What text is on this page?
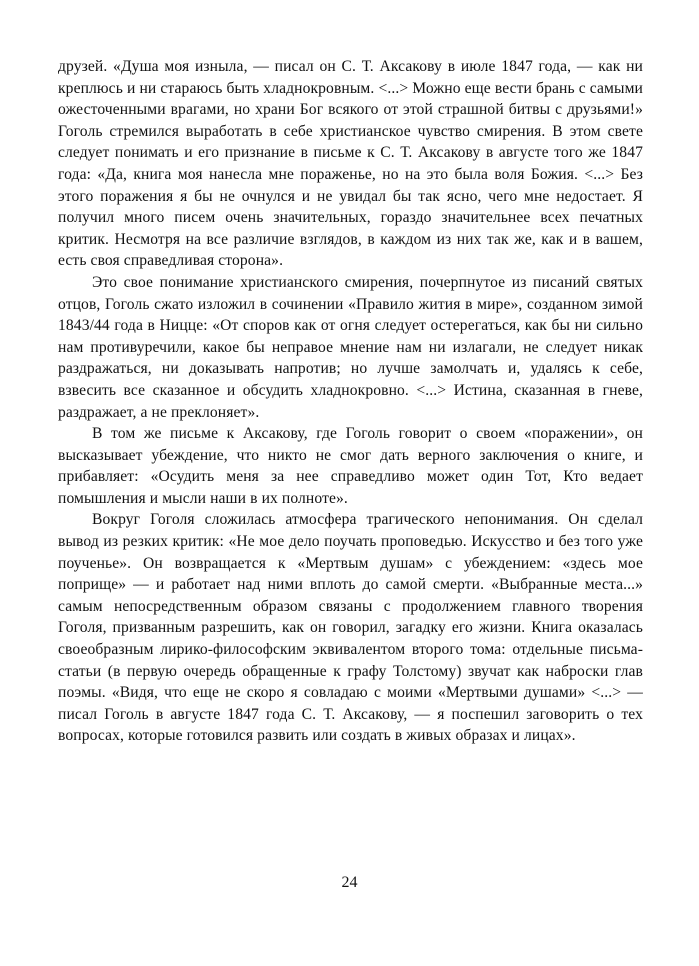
друзей. «Душа моя изныла, — писал он С. Т. Аксакову в июле 1847 года, — как ни креплюсь и ни стараюсь быть хладнокровным. <...> Можно еще вести брань с самыми ожесточенными врагами, но храни Бог всякого от этой страшной битвы с друзьями!» Гоголь стремился выработать в себе христианское чувство смирения. В этом свете следует понимать и его признание в письме к С. Т. Аксакову в августе того же 1847 года: «Да, книга моя нанесла мне пораженье, но на это была воля Божия. <...> Без этого поражения я бы не очнулся и не увидал бы так ясно, чего мне недостает. Я получил много писем очень значительных, гораздо значительнее всех печатных критик. Несмотря на все различие взглядов, в каждом из них так же, как и в вашем, есть своя справедливая сторона».

Это свое понимание христианского смирения, почерпнутое из писаний святых отцов, Гоголь сжато изложил в сочинении «Правило жития в мире», созданном зимой 1843/44 года в Ницце: «От споров как от огня следует остерегаться, как бы ни сильно нам противуречили, какое бы неправое мнение нам ни излагали, не следует никак раздражаться, ни доказывать напротив; но лучше замолчать и, удалясь к себе, взвесить все сказанное и обсудить хладнокровно. <...> Истина, сказанная в гневе, раздражает, а не преклоняет».

В том же письме к Аксакову, где Гоголь говорит о своем «поражении», он высказывает убеждение, что никто не смог дать верного заключения о книге, и прибавляет: «Осудить меня за нее справедливо может один Тот, Кто ведает помышления и мысли наши в их полноте».

Вокруг Гоголя сложилась атмосфера трагического непонимания. Он сделал вывод из резких критик: «Не мое дело поучать проповедью. Искусство и без того уже поученье». Он возвращается к «Мертвым душам» с убеждением: «здесь мое поприще» — и работает над ними вплоть до самой смерти. «Выбранные места...» самым непосредственным образом связаны с продолжением главного творения Гоголя, призванным разрешить, как он говорил, загадку его жизни. Книга оказалась своеобразным лирико-философским эквивалентом второго тома: отдельные письма-статьи (в первую очередь обращенные к графу Толстому) звучат как наброски глав поэмы. «Видя, что еще не скоро я совладаю с моими «Мертвыми душами» <...> — писал Гоголь в августе 1847 года С. Т. Аксакову, — я поспешил заговорить о тех вопросах, которые готовился развить или создать в живых образах и лицах».

24
